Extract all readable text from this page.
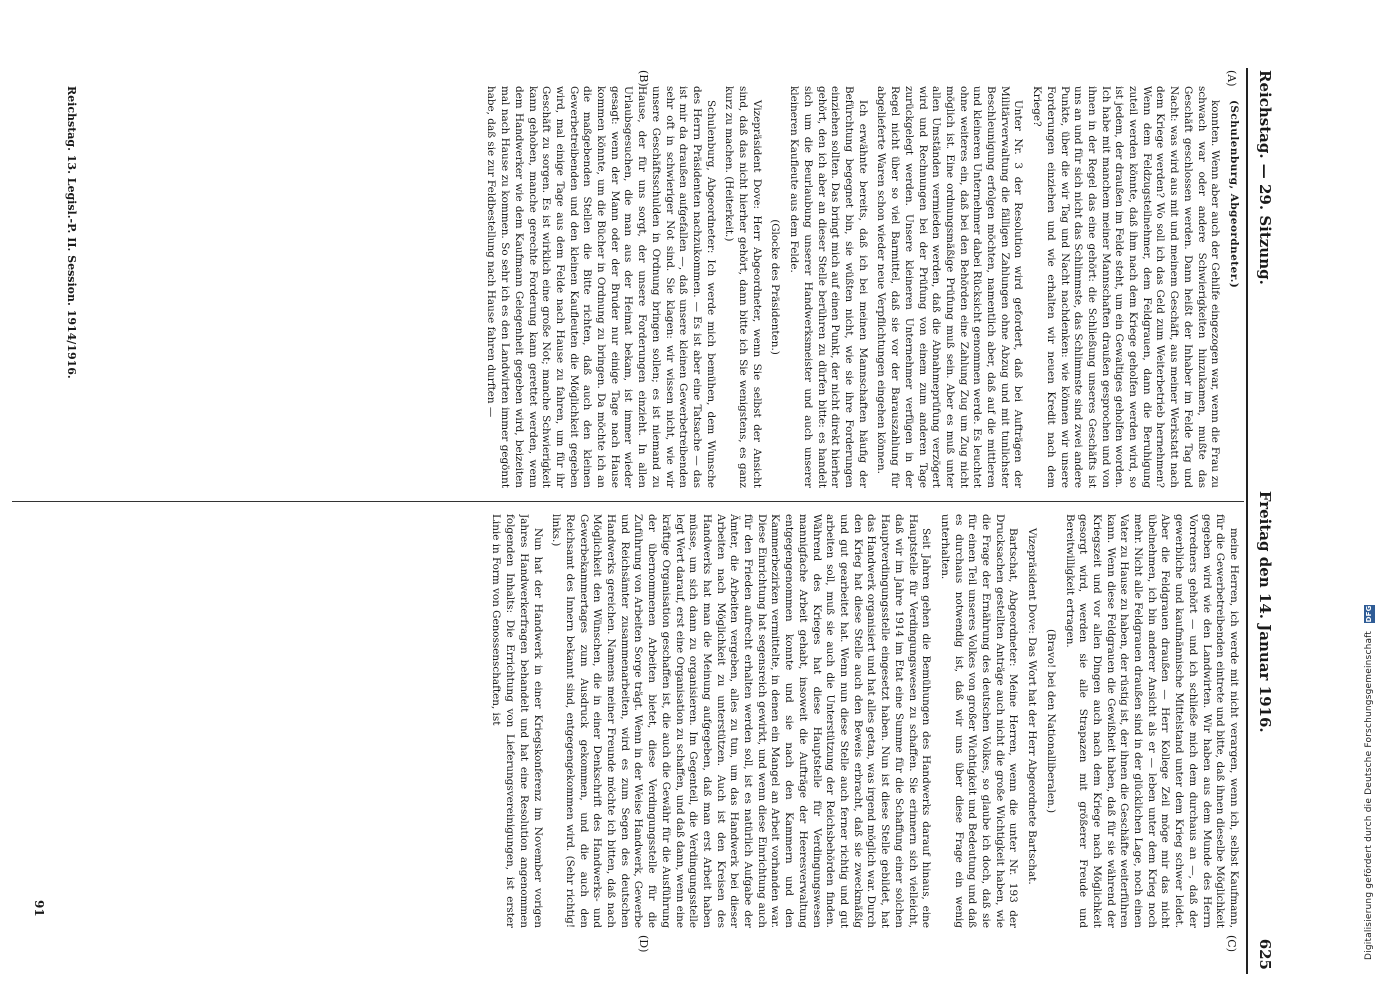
Reichstag. — 29. Sitzung.
Freitag den 14. Januar 1916.
625
(A)
(B)
(C)
(D)

(Schulenburg, Abgeordneter.)

konnten. Wenn aber auch der Gehilfe eingezogen war, wenn die Frau zu schwach war oder andere Schwierigkeiten hinzukamen, mußte das Geschäft geschlossen werden. Dann heißt der Inhaber im Felde Tag und Nacht: was wird aus mit und meinem Geschäft, aus meiner Werkstatt nach dem Kriege werden? Wo soll ich das Geld zum Weiterbetrieb hernehmen? Wenn dem Feldzugsteilnehmer, dem Feldgrauen, dann die Beruhigung zuteil werden könnte, daß ihm nach dem Kriege geholfen werden wird, so ist jedem, der draußen im Felde steht, um ein Gewaltiges geholfen worden. Ich habe mit manchem meiner Mannschaften draußen gesprochen und von ihnen in der Regel das eine gehört: die Schließung unseres Geschäfts ist uns an und für sich nicht das Schlimmste, das Schlimmste sind zwei andere Punkte, über die wir Tag und Nacht nachdenken: wie können wir unsere Forderungen einziehen und wie erhalten wir neuen Kredit nach dem Kriege?

Unter Nr. 3 der Resolution wird gefordert, daß bei Aufträgen der Militärverwaltung die fälligen Zahlungen ohne Abzug und mit tunlichster Beschleunigung erfolgen möchten, namentlich aber, daß auf die mittleren und kleineren Unternehmer dabei Rücksicht genommen werde. Es leuchtet ohne weiteres ein, daß bei den Behörden eine Zahlung Zug um Zug nicht möglich ist. Eine ordnungsmäßige Prüfung muß sein. Aber es muß unter allen Umständen vermieden werden, daß die Abnahmeprüfung verzögert wird und Rechnungen bei der Prüfung von einem zum anderen Tage zurückgelegt werden. Unsere kleineren Unternehmer verfügen in der Regel nicht über so viel Barmittel, daß sie vor der Barauszahlung für abgelieferte Waren schon wieder neue Verpflichtungen eingehen können.

Ich erwähnte bereits, daß ich bei meinen Mannschaften häufig der Befürchtung begegnet bin, sie wüßten nicht, wie sie ihre Forderungen einziehen sollten. Das bringt mich auf einen Punkt, der nicht direkt hierher gehört, den ich aber an dieser Stelle berühren zu dürfen bitte: es handelt sich um die Beurlaubung unserer Handwerksmeister und auch unserer kleineren Kaufleute aus dem Felde.

(Glocke des Präsidenten.)

Vizepräsident Dove: Herr Abgeordneter, wenn Sie selbst der Ansicht sind, daß das nicht hierher gehört, dann bitte ich Sie wenigstens, es ganz kurz zu machen. (Heiterkeit.)

Schulenburg, Abgeordneter: Ich werde mich bemühen, dem Wunsche des Herrn Präsidenten nachzukommen. — Es ist aber eine Tatsache — das ist mir da draußen aufgefallen —, daß unsere kleinen Gewerbetreibenden sehr oft in schwieriger Not sind. Sie klagen: wir wissen nicht, wie wir unsere Geschäftsschulden in Ordnung bringen sollen; es ist niemand zu Hause, der für uns sorgt, der unsere Forderungen einzieht. In allen Urlaubsgesuchen, die man aus der Heimat bekam, ist immer wieder gesagt: wenn der Mann oder der Bruder nur einige Tage nach Hause kommen könnte, um die Bücher in Ordnung zu bringen. Da möchte ich an die maßgebenden Stellen die Bitte richten, daß auch den kleinen Gewerbetreibenden und den kleinen Kaufleuten die Möglichkeit gegeben wird, mal einige Tage aus dem Felde nach Hause zu fahren, um für ihr Geschäft zu sorgen. Es ist wirklich eine große Not; manche Schwierigkeit kann gehoben, manche gerechte Forderung kann gerettet werden, wenn dem Handwerker wie dem Kaufmann Gelegenheit gegeben wird, beizeiten mal nach Hause zu kommen. So sehr ich es den Landwirten immer gegönnt habe, daß sie zur Feldbestellung nach Hause fahren durften —

meine Herren, ich werde mit nicht verargen, wenn ich, selbst Kaufmann, für die Gewerbetreibenden eintrete und bitte, daß ihnen dieselbe Möglichkeit gegeben wird wie den Landwirten. Wir haben aus dem Munde des Herrn Vorredners gehört — und ich schließe mich dem durchaus an —, daß der gewerbliche und kaufmännische Mittelstand unter dem Krieg schwer leidet. Aber die Feldgrauen draußen — Herr Kollege Zeil möge mir das nicht übelnehmen, ich bin anderer Ansicht als er — leben unter dem Krieg noch mehr. Nicht alle Feldgrauen draußen sind in der glücklichen Lage, noch einen Vater zu Hause zu haben, der rüstig ist, der ihnen die Geschäfte weiterführen kann. Wenn diese Feldgrauen die Gewißheit haben, daß für sie während der Kriegszeit und vor allen Dingen auch nach dem Kriege nach Möglichkeit gesorgt wird, werden sie alle Strapazen mit größerer Freude und Bereitwilligkeit ertragen.

(Bravo! bei den Nationalliberalen.)

Vizepräsident Dove: Das Wort hat der Herr Abgeordnete Bartschat.

Bartschat, Abgeordneter: Meine Herren, wenn die unter Nr. 193 der Drucksachen gestellten Anträge auch nicht die große Wichtigkeit haben, wie die Frage der Ernährung des deutschen Volkes, so glaube ich doch, daß sie für einen Teil unseres Volkes von großer Wichtigkeit und Bedeutung und daß es durchaus notwendig ist, daß wir uns über diese Frage ein wenig unterhalten.

Seit Jahren gehen die Bemühungen des Handwerks darauf hinaus, eine Hauptstelle für Verdingungswesen zu schaffen. Sie erinnern sich vielleicht, daß wir im Jahre 1914 im Etat eine Summe für die Schaffung einer solchen Hauptverdingungsstelle eingesetzt haben. Nun ist diese Stelle gebildet, hat das Handwerk organisiert und hat alles getan, was irgend möglich war. Durch den Krieg hat diese Stelle auch den Beweis erbracht, daß sie zweckmäßig und gut gearbeitet hat. Wenn nun diese Stelle auch ferner richtig und gut arbeiten soll, muß sie auch die Unterstützung der Reichsbehörden finden. Während des Krieges hat diese Hauptstelle für Verdingungswesen mannigfache Arbeit gehabt, insoweit die Aufträge der Heeresverwaltung entgegengenommen konnte und sie nach den Kammern und den Kammerbezirken vermittelte, in denen ein Mangel an Arbeit vorhanden war. Diese Einrichtung hat segensreich gewirkt, und wenn diese Einrichtung auch für den Frieden aufrecht erhalten werden soll, ist es natürlich Aufgabe der Ämter, die Arbeiten vergeben, alles zu tun, um das Handwerk bei dieser Arbeiten nach Möglichkeit zu unterstützen. Auch ist den Kreisen des Handwerks hat man die Meinung aufgegeben, daß man erst Arbeit haben müsse, um sich dann zu organisieren. Im Gegenteil, die Verdingungsstelle legt Wert darauf, erst eine Organisation zu schaffen, und daß dann, wenn eine kräftige Organisation geschaffen ist, die auch die Gewähr für die Ausführung der übernommenen Arbeiten bietet, diese Verdingungsstelle für die Zuführung von Arbeiten Sorge trägt. Wenn in der Weise Handwerk, Gewerbe und Reichsämter zusammenarbeiten, wird es zum Segen des deutschen Handwerks gereichen. Namens meiner Freunde möchte ich bitten, daß nach Möglichkeit den Wünschen, die in einer Denkschrift des Handwerks- und Gewerbekammertages zum Ausdruck gekommen, und die auch den Reichsamt des Innern bekannt sind, entgegengekommen wird. (Sehr richtig! links.)

Nun hat der Handwerk in einer Kriegskonferenz im November vorigen Jahres Handwerkerfragen behandelt und hat eine Resolution angenommen folgenden Inhalts: Die Errichtung von Lieferungsvereinigungen, ist erster Linie in Form von Genossenschaften, ist

Reichstag. 13. Legisl.-P. II. Session. 1914/1916.
91	Digitalisierung gefördert durch die Deutsche Forschungsgemeinschaft
DFG
